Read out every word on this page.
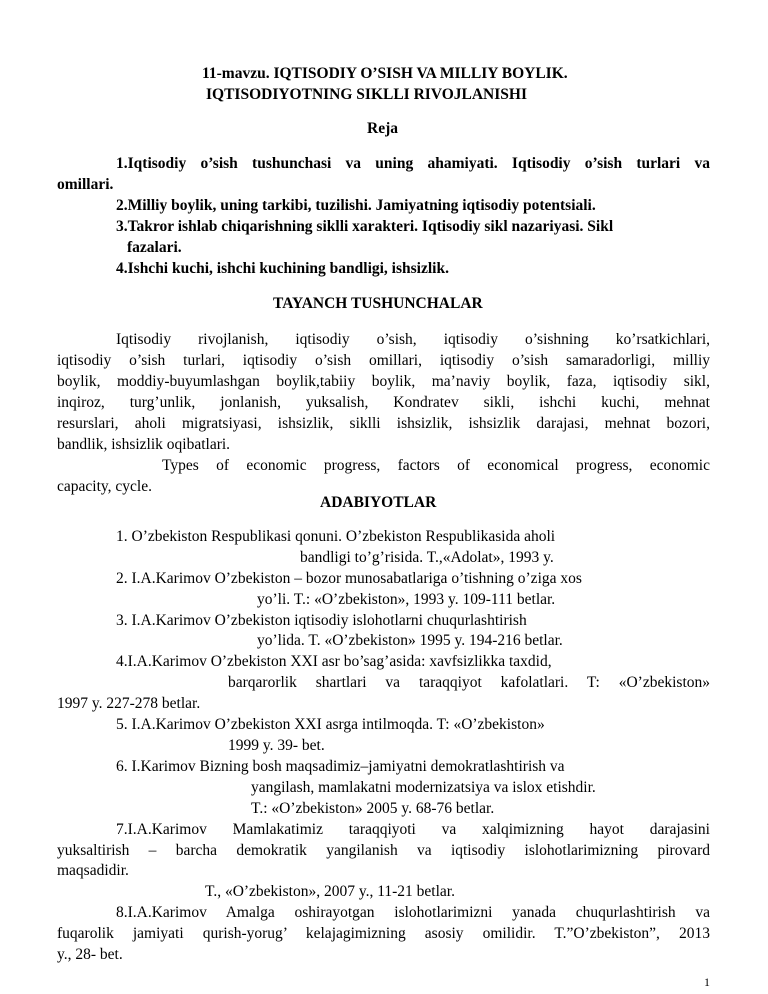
11-mavzu. IQTISODIY O’SISH VA MILLIY BOYLIK.
IQTISODIYOTNING SIKLLI RIVOJLANISHI
Reja
1.Iqtisodiy o’sish tushunchasi va uning ahamiyati. Iqtisodiy o’sish turlari va
omillari.
2.Milliy boylik, uning tarkibi, tuzilishi. Jamiyatning iqtisodiy potentsiali.
3.Takror ishlab chiqarishning siklli xarakteri. Iqtisodiy sikl nazariyasi. Sikl
fazalari.
4.Ishchi kuchi, ishchi kuchining bandligi, ishsizlik.
TAYANCH TUSHUNCHALAR
Iqtisodiy rivojlanish, iqtisodiy o’sish, iqtisodiy o’sishning ko’rsatkichlari,
iqtisodiy o’sish turlari, iqtisodiy o’sish omillari, iqtisodiy o’sish samaradorligi, milliy
boylik, moddiy-buyumlashgan boylik,tabiiy boylik, ma’naviy boylik, faza, iqtisodiy sikl,
inqiroz, turg’unlik, jonlanish, yuksalish, Kondratev sikli, ishchi kuchi, mehnat
resurslari, aholi migratsiyasi, ishsizlik, siklli ishsizlik, ishsizlik darajasi, mehnat bozori,
bandlik, ishsizlik oqibatlari.
Types of economic progress, factors of economical progress, economic
capacity, cycle.
ADABIYOTLAR
1. O’zbekiston Respublikasi qonuni. O’zbekiston Respublikasida aholi
bandligi to’g’risida. T.,«Adolat», 1993 y.
2. I.A.Karimov O’zbekiston – bozor munosabatlariga o’tishning o’ziga xos
yo’li. T.: «O’zbekiston», 1993 y. 109-111 betlar.
3. I.A.Karimov O’zbekiston iqtisodiy islohotlarni chuqurlashtirish
yo’lida. T. «O’zbekiston» 1995 y. 194-216 betlar.
4.I.A.Karimov O’zbekiston XXI asr bo’sag’asida: xavfsizlikka taxdid,
barqarorlik shartlari va taraqqiyot kafolatlari. T: «O’zbekiston»
1997 y. 227-278 betlar.
5. I.A.Karimov O’zbekiston XXI asrga intilmoqda. T: «O’zbekiston»
1999 y. 39- bet.
6. I.Karimov Bizning bosh maqsadimiz–jamiyatni demokratlashtirish va
yangilash, mamlakatni modernizatsiya va islox etishdir.
T.: «O’zbekiston» 2005 y. 68-76 betlar.
7.I.A.Karimov Mamlakatimiz taraqqiyoti va xalqimizning hayot darajasini
yuksaltirish – barcha demokratik yangilanish va iqtisodiy islohotlarimizning pirovard
maqsadidir.
T., «O’zbekiston», 2007 y., 11-21 betlar.
8.I.A.Karimov Amalga oshirayotgan islohotlarimizni yanada chuqurlashtirish va
fuqarolik jamiyati qurish-yorug’ kelajagimizning asosiy omilidir. T.”O’zbekiston”, 2013
y., 28- bet.
1
